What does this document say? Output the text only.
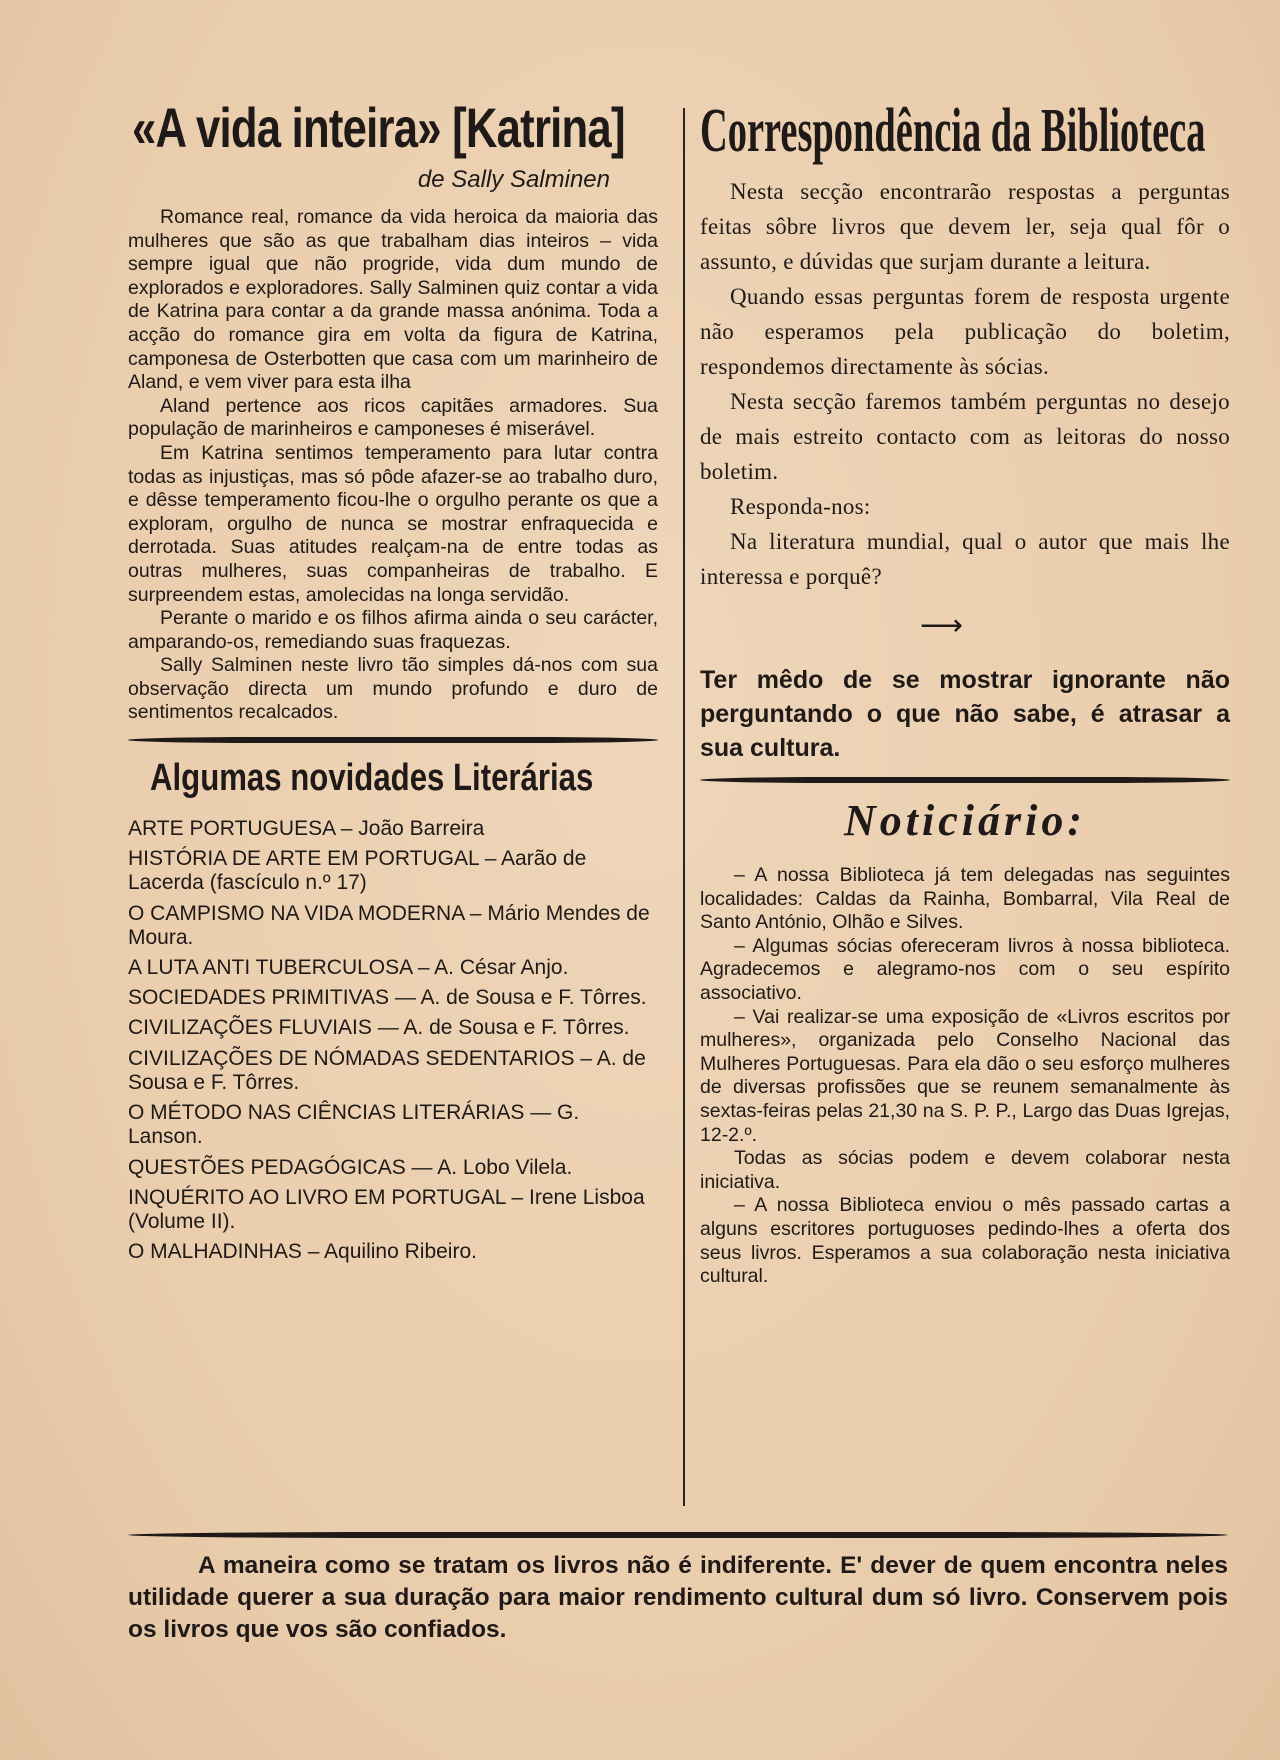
«A vida inteira» [Katrina]
de Sally Salminen

Romance real, romance da vida heroica da maioria das mulheres que são as que trabalham dias inteiros – vida sempre igual que não progride, vida dum mundo de explorados e exploradores. Sally Salminen quiz contar a vida de Katrina para contar a da grande massa anónima. Toda a acção do romance gira em volta da figura de Katrina, camponesa de Osterbotten que casa com um marinheiro de Aland, e vem viver para esta ilha

Aland pertence aos ricos capitães armadores. Sua população de marinheiros e camponeses é miserável.

Em Katrina sentimos temperamento para lutar contra todas as injustiças, mas só pôde afazer-se ao trabalho duro, e dêsse temperamento ficou-lhe o orgulho perante os que a exploram, orgulho de nunca se mostrar enfraquecida e derrotada. Suas atitudes realçam-na de entre todas as outras mulheres, suas companheiras de trabalho. E surpreendem estas, amolecidas na longa servidão.

Perante o marido e os filhos afirma ainda o seu carácter, amparando-os, remediando suas fraquezas.

Sally Salminen neste livro tão simples dá-nos com sua observação directa um mundo profundo e duro de sentimentos recalcados.

Algumas novidades Literárias
ARTE PORTUGUESA – João Barreira
HISTÓRIA DE ARTE EM PORTUGAL – Aarão de Lacerda (fascículo n.º 17)
O CAMPISMO NA VIDA MODERNA – Mário Mendes de Moura.
A LUTA ANTI TUBERCULOSA – A. César Anjo.
SOCIEDADES PRIMITIVAS — A. de Sousa e F. Tôrres.
CIVILIZAÇÕES FLUVIAIS — A. de Sousa e F. Tôrres.
CIVILIZAÇÕES DE NÓMADAS SEDENTARIOS – A. de Sousa e F. Tôrres.
O MÉTODO NAS CIÊNCIAS LITERÁRIAS — G. Lanson.
QUESTÕES PEDAGÓGICAS — A. Lobo Vilela.
INQUÉRITO AO LIVRO EM PORTUGAL – Irene Lisboa (Volume II).
O MALHADINHAS – Aquilino Ribeiro.
Correspondência da Biblioteca

Nesta secção encontrarão respostas a perguntas feitas sôbre livros que devem ler, seja qual fôr o assunto, e dúvidas que surjam durante a leitura.

Quando essas perguntas forem de resposta urgente não esperamos pela publicação do boletim, respondemos directamente às sócias.

Nesta secção faremos também perguntas no desejo de mais estreito contacto com as leitoras do nosso boletim.

Responda-nos:

Na literatura mundial, qual o autor que mais lhe interessa e porquê?

⟶
Ter mêdo de se mostrar ignorante não perguntando o que não sabe, é atrasar a sua cultura.
Noticiário:

– A nossa Biblioteca já tem delegadas nas seguintes localidades: Caldas da Rainha, Bombarral, Vila Real de Santo António, Olhão e Silves.

– Algumas sócias ofereceram livros à nossa biblioteca. Agradecemos e alegramo-nos com o seu espírito associativo.

– Vai realizar-se uma exposição de «Livros escritos por mulheres», organizada pelo Conselho Nacional das Mulheres Portuguesas. Para ela dão o seu esforço mulheres de diversas profissões que se reunem semanalmente às sextas-feiras pelas 21,30 na S. P. P., Largo das Duas Igrejas, 12-2.º.

Todas as sócias podem e devem colaborar nesta iniciativa.

– A nossa Biblioteca enviou o mês passado cartas a alguns escritores portuguoses pedindo-lhes a oferta dos seus livros. Esperamos a sua colaboração nesta iniciativa cultural.

A maneira como se tratam os livros não é indiferente. E' dever de quem encontra neles utilidade querer a sua duração para maior rendimento cultural dum só livro. Conservem pois os livros que vos são confiados.
